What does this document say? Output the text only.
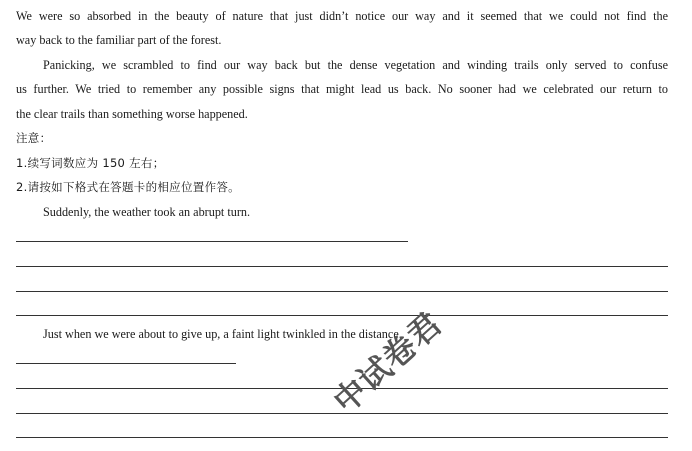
We were so absorbed in the beauty of nature that just didn’t notice our way and it seemed that we could not find the
way back to the familiar part of the forest.
Panicking, we scrambled to find our way back but the dense vegetation and winding trails only served to confuse
us further. We tried to remember any possible signs that might lead us back. No sooner had we celebrated our return to
the clear trails than something worse happened.
注意：
1.续写词数应为 150 左右；
2.请按如下格式在答题卡的相应位置作答。
Suddenly, the weather took an abrupt turn.
Just when we were about to give up, a faint light twinkled in the distance.
中试卷君
